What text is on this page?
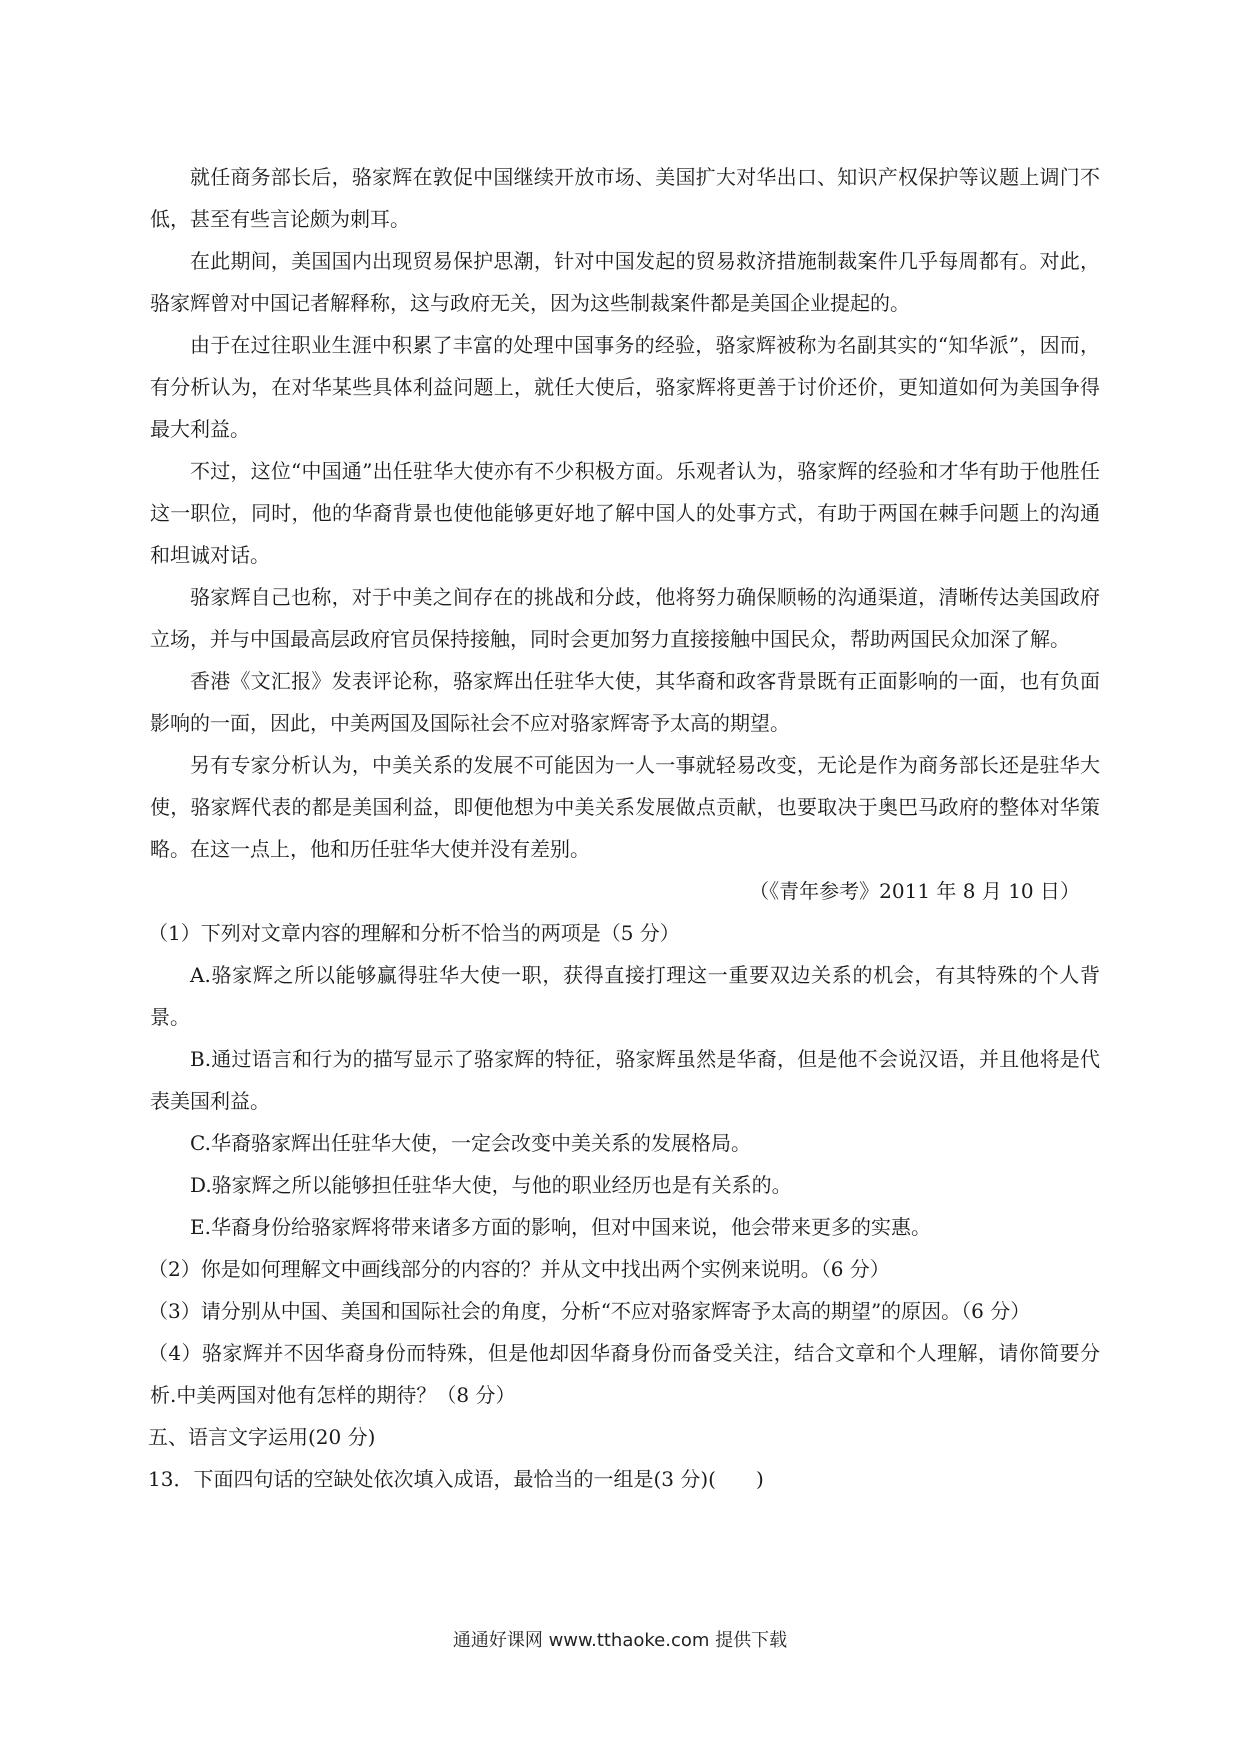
就任商务部长后，骆家辉在敦促中国继续开放市场、美国扩大对华出口、知识产权保护等议题上调门不低，甚至有些言论颇为刺耳。

在此期间，美国国内出现贸易保护思潮，针对中国发起的贸易救济措施制裁案件几乎每周都有。对此，骆家辉曾对中国记者解释称，这与政府无关，因为这些制裁案件都是美国企业提起的。

由于在过往职业生涯中积累了丰富的处理中国事务的经验，骆家辉被称为名副其实的“知华派”，因而，有分析认为，在对华某些具体利益问题上，就任大使后，骆家辉将更善于讨价还价，更知道如何为美国争得最大利益。

不过，这位“中国通”出任驻华大使亦有不少积极方面。乐观者认为，骆家辉的经验和才华有助于他胜任这一职位，同时，他的华裔背景也使他能够更好地了解中国人的处事方式，有助于两国在棘手问题上的沟通和坦诚对话。

骆家辉自己也称，对于中美之间存在的挑战和分歧，他将努力确保顺畅的沟通渠道，清晰传达美国政府立场，并与中国最高层政府官员保持接触，同时会更加努力直接接触中国民众，帮助两国民众加深了解。

香港《文汇报》发表评论称，骆家辉出任驻华大使，其华裔和政客背景既有正面影响的一面，也有负面影响的一面，因此，中美两国及国际社会不应对骆家辉寄予太高的期望。

另有专家分析认为，中美关系的发展不可能因为一人一事就轻易改变，无论是作为商务部长还是驻华大使，骆家辉代表的都是美国利益，即便他想为中美关系发展做点贡献，也要取决于奥巴马政府的整体对华策略。在这一点上，他和历任驻华大使并没有差别。

（《青年参考》2011 年 8 月 10 日）

（1）下列对文章内容的理解和分析不恰当的两项是（5 分）

A.骆家辉之所以能够赢得驻华大使一职，获得直接打理这一重要双边关系的机会，有其特殊的个人背景。

B.通过语言和行为的描写显示了骆家辉的特征，骆家辉虽然是华裔，但是他不会说汉语，并且他将是代表美国利益。

C.华裔骆家辉出任驻华大使，一定会改变中美关系的发展格局。

D.骆家辉之所以能够担任驻华大使，与他的职业经历也是有关系的。

E.华裔身份给骆家辉将带来诸多方面的影响，但对中国来说，他会带来更多的实惠。

（2）你是如何理解文中画线部分的内容的？并从文中找出两个实例来说明。（6 分）

（3）请分别从中国、美国和国际社会的角度，分析“不应对骆家辉寄予太高的期望”的原因。（6 分）

（4）骆家辉并不因华裔身份而特殊，但是他却因华裔身份而备受关注，结合文章和个人理解，请你简要分析.中美两国对他有怎样的期待？（8 分）

五、语言文字运用(20 分)

13．下面四句话的空缺处依次填入成语，最恰当的一组是(3 分)(　　)

通通好课网 www.tthaoke.com 提供下载
